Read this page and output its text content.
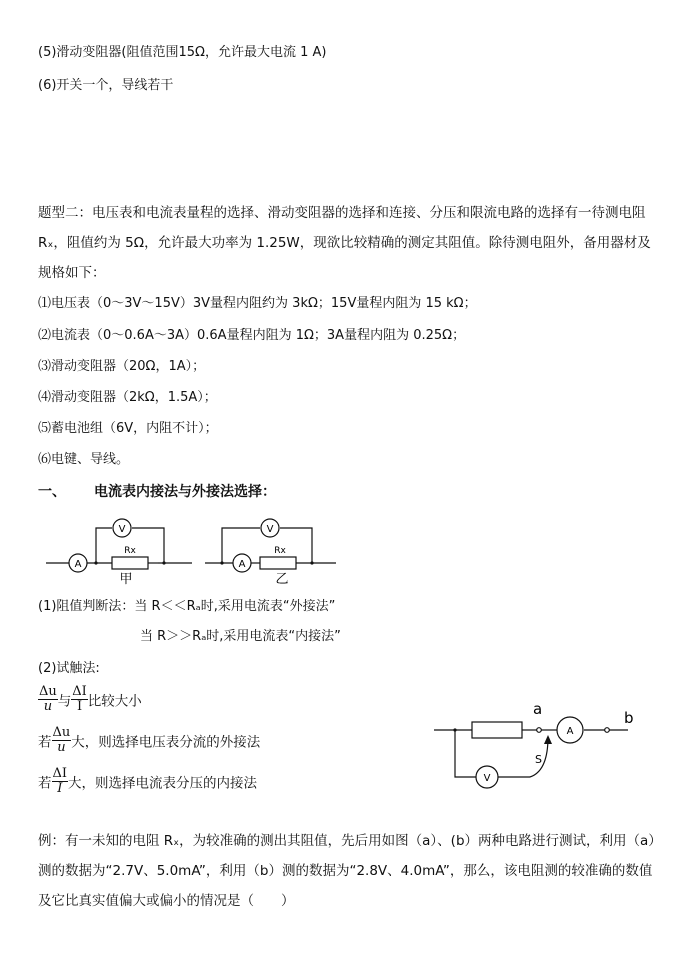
(5)滑动变阻器(阻值范围15Ω，允许最大电流 1 A)
(6)开关一个，导线若干
题型二：电压表和电流表量程的选择、滑动变阻器的选择和连接、分压和限流电路的选择有一待测电阻 Rₓ，阻值约为 5Ω，允许最大功率为 1.25W，现欲比较精确的测定其阻值。除待测电阻外，备用器材及规格如下：
⑴电压表（0～3V～15V）3V量程内阻约为 3kΩ；15V量程内阻为 15 kΩ；
⑵电流表（0～0.6A～3A）0.6A量程内阻为 1Ω；3A量程内阻为 0.25Ω；
⑶滑动变阻器（20Ω，1A）；
⑷滑动变阻器（2kΩ，1.5A）；
⑸蓄电池组（6V，内阻不计）；
⑹电键、导线。
一、 电流表内接法与外接法选择：
A
V
Rx
甲
A
V
Rx
乙
(1)阻值判断法：当 R＜＜Rₐ时,采用电流表“外接法”
当 R＞＞Rₐ时,采用电流表“内接法”
(2)试触法:
$\frac{\Delta u}{u}$ 与 $\frac{\Delta I}{I}$ 比较大小
若 $\frac{\Delta u}{u}$ 大，则选择电压表分流的外接法
若 $\frac{\Delta I}{I}$ 大，则选择电流表分压的内接法
A
V
a	b
S
例：有一未知的电阻 Rₓ，为较准确的测出其阻值，先后用如图（a）、(b）两种电路进行测试，利用（a）测的数据为“2.7V、5.0mA”，利用（b）测的数据为“2.8V、4.0mA”，那么，该电阻测的较准确的数值及它比真实值偏大或偏小的情况是（　　）
